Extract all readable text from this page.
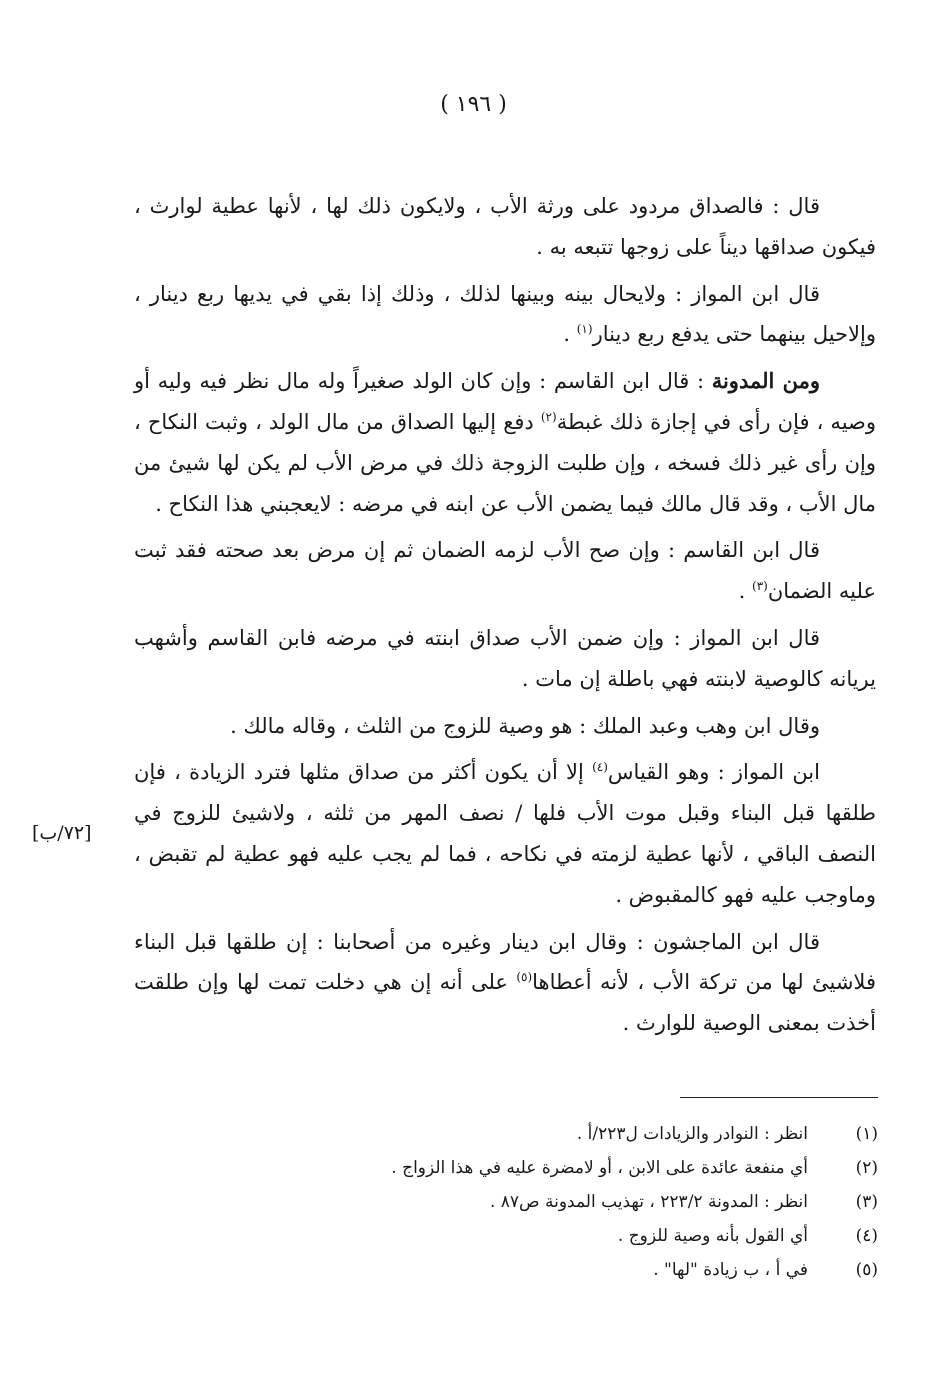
( ١٩٦ )
[٧٢/ب]

قال : فالصداق مردود على ورثة الأب ، ولايكون ذلك لها ، لأنها عطية لوارث ، فيكون صداقها ديناً على زوجها تتبعه به .

قال ابن المواز : ولايحال بينه وبينها لذلك ، وذلك إذا بقي في يديها ربع دينار ، وإلاحيل بينهما حتى يدفع ربع دينار$^{(١)}$ .

ومن المدونة : قال ابن القاسم : وإن كان الولد صغيراً وله مال نظر فيه وليه أو وصيه ، فإن رأى في إجازة ذلك غبطة$^{(٢)}$ دفع إليها الصداق من مال الولد ، وثبت النكاح ، وإن رأى غير ذلك فسخه ، وإن طلبت الزوجة ذلك في مرض الأب لم يكن لها شيئ من مال الأب ، وقد قال مالك فيما يضمن الأب عن ابنه في مرضه : لايعجبني هذا النكاح .

قال ابن القاسم : وإن صح الأب لزمه الضمان ثم إن مرض بعد صحته فقد ثبت عليه الضمان$^{(٣)}$ .

قال ابن المواز : وإن ضمن الأب صداق ابنته في مرضه فابن القاسم وأشهب يريانه كالوصية لابنته فهي باطلة إن مات .

وقال ابن وهب وعبد الملك : هو وصية للزوج من الثلث ، وقاله مالك .

ابن المواز : وهو القياس$^{(٤)}$ إلا أن يكون أكثر من صداق مثلها فترد الزيادة ، فإن طلقها قبل البناء وقبل موت الأب فلها / نصف المهر من ثلثه ، ولاشيئ للزوج في النصف الباقي ، لأنها عطية لزمته في نكاحه ، فما لم يجب عليه فهو عطية لم تقبض ، وماوجب عليه فهو كالمقبوض .

قال ابن الماجشون : وقال ابن دينار وغيره من أصحابنا : إن طلقها قبل البناء فلاشيئ لها من تركة الأب ، لأنه أعطاها$^{(٥)}$ على أنه إن هي دخلت تمت لها وإن طلقت أخذت بمعنى الوصية للوارث .

(١)
انظر : النوادر والزيادات ل٢٢٣/أ .
(٢)
أي منفعة عائدة على الابن ، أو لامضرة عليه في هذا الزواج .
(٣)
انظر : المدونة ٢٢٣/٢ ، تهذيب المدونة ص٨٧ .
(٤)
أي القول بأنه وصية للزوج .
(٥)
في أ ، ب زيادة "لها" .
